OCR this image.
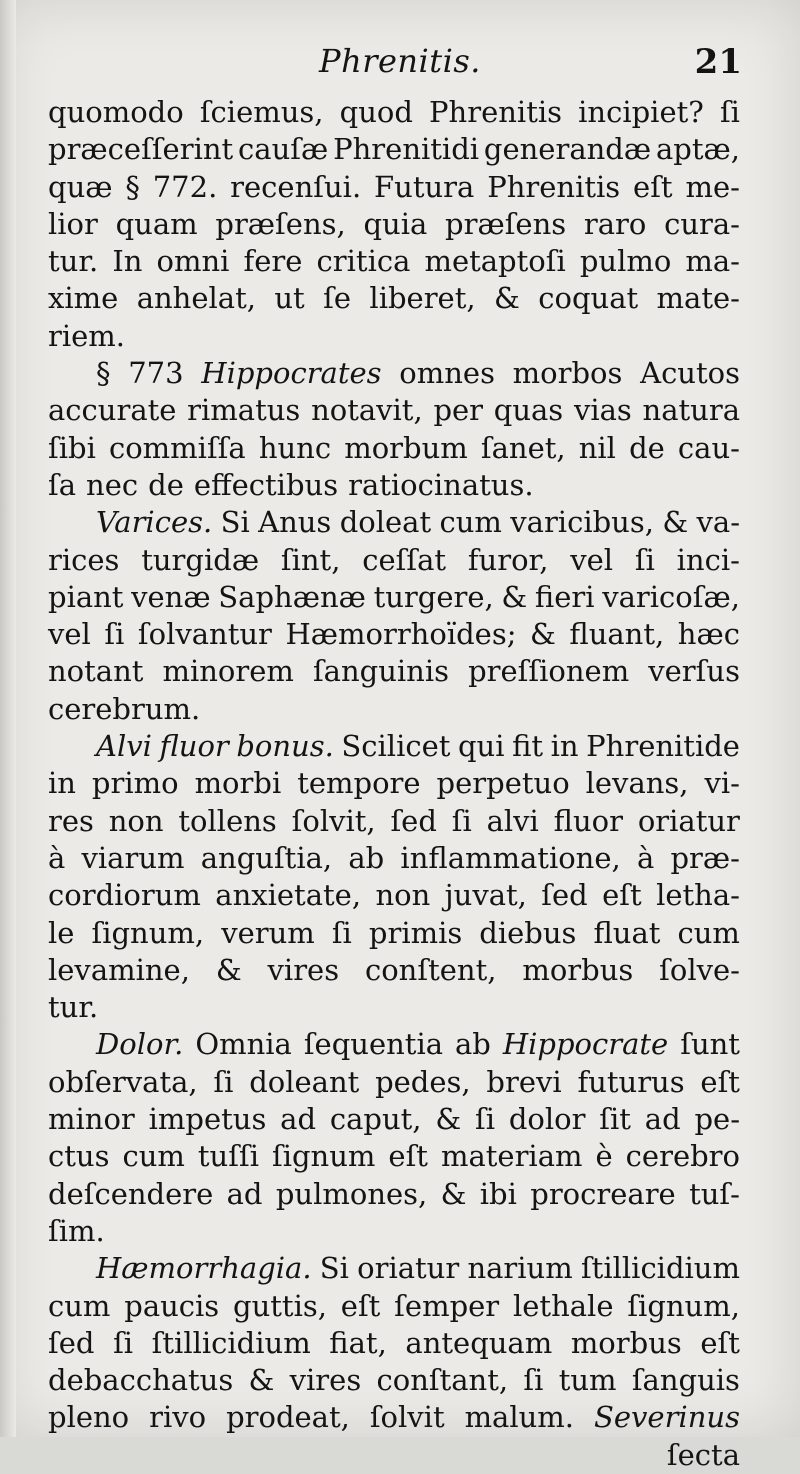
Phrenitis.	21
quomodo ſciemus, quod Phrenitis incipiet? ſi
præceſſerint cauſæ Phrenitidi generandæ aptæ,
quæ § 772. recenſui. Futura Phrenitis eſt me-
lior quam præſens, quia præſens raro cura-
tur. In omni fere critica metaptoſi pulmo ma-
xime anhelat, ut ſe liberet, & coquat mate-
riem.
§ 773 Hippocrates omnes morbos Acutos
accurate rimatus notavit, per quas vias natura
ſibi commiſſa hunc morbum ſanet, nil de cau-
ſa nec de effectibus ratiocinatus.
Varices. Si Anus doleat cum varicibus, & va-
rices turgidæ ſint, ceſſat furor, vel ſi inci-
piant venæ Saphænæ turgere, & fieri varicoſæ,
vel ſi ſolvantur Hæmorrhoïdes; & fluant, hæc
notant minorem ſanguinis preſſionem verſus
cerebrum.
Alvi fluor bonus. Scilicet qui fit in Phrenitide
in primo morbi tempore perpetuo levans, vi-
res non tollens ſolvit, ſed ſi alvi fluor oriatur
à viarum anguſtia, ab inflammatione, à præ-
cordiorum anxietate, non juvat, ſed eſt letha-
le ſignum, verum ſi primis diebus fluat cum
levamine, & vires conſtent, morbus ſolve-
tur.
Dolor. Omnia ſequentia ab Hippocrate ſunt
obſervata, ſi doleant pedes, brevi futurus eſt
minor impetus ad caput, & ſi dolor ſit ad pe-
ctus cum tuſſi ſignum eſt materiam è cerebro
deſcendere ad pulmones, & ibi procreare tuſ-
ſim.
Hæmorrhagia. Si oriatur narium ſtillicidium
cum paucis guttis, eſt ſemper lethale ſignum,
ſed ſi ſtillicidium fiat, antequam morbus eſt
debacchatus & vires conſtant, ſi tum ſanguis
pleno rivo prodeat, ſolvit malum. Severinus
ſecta
